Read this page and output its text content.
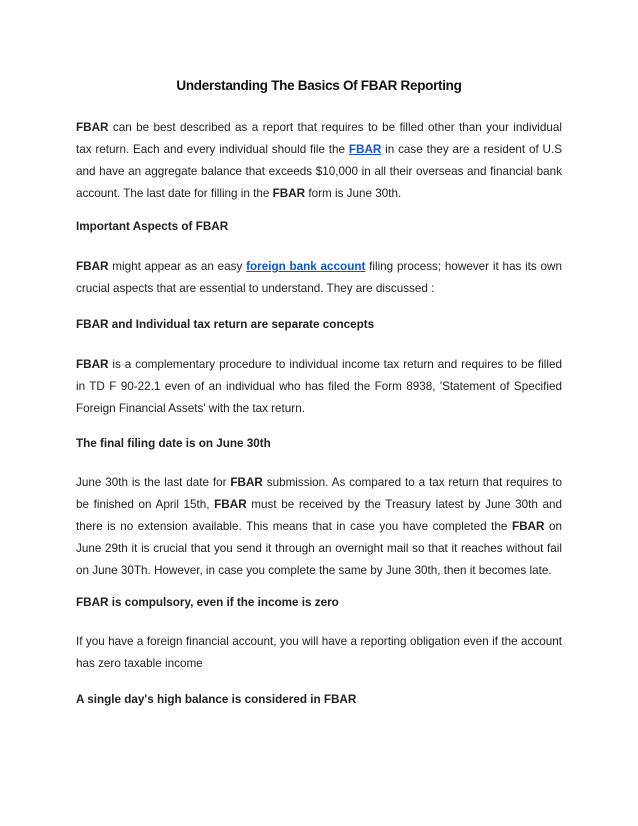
Understanding The Basics Of FBAR Reporting
FBAR can be best described as a report that requires to be filled other than your individual tax return. Each and every individual should file the FBAR in case they are a resident of U.S and have an aggregate balance that exceeds $10,000 in all their overseas and financial bank account. The last date for filling in the FBAR form is June 30th.
Important Aspects of FBAR
FBAR might appear as an easy foreign bank account filing process; however it has its own crucial aspects that are essential to understand. They are discussed :
FBAR and Individual tax return are separate concepts
FBAR is a complementary procedure to individual income tax return and requires to be filled in TD F 90-22.1 even of an individual who has filed the Form 8938, 'Statement of Specified Foreign Financial Assets' with the tax return.
The final filing date is on June 30th
June 30th is the last date for FBAR submission. As compared to a tax return that requires to be finished on April 15th, FBAR must be received by the Treasury latest by June 30th and there is no extension available. This means that in case you have completed the FBAR on June 29th it is crucial that you send it through an overnight mail so that it reaches without fail on June 30Th. However, in case you complete the same by June 30th, then it becomes late.
FBAR is compulsory, even if the income is zero
If you have a foreign financial account, you will have a reporting obligation even if the account has zero taxable income
A single day's high balance is considered in FBAR
